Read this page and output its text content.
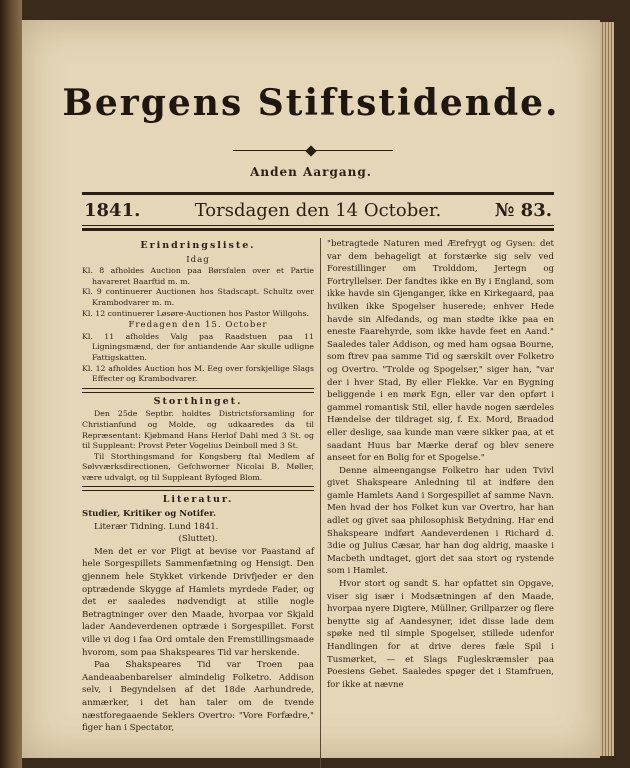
Bergens Stiftstidende.
Anden Aargang.
1841.	Torsdagen den 14 October.	№ 83.
Erindringsliste.
Idag

Kl. 8 afholdes Auction paa Børsfalen over et Partie havareret Baarftid m. m.

Kl. 9 continuerer Auctionen hos Stadscapt. Schultz over Krambodvarer m. m.

Kl. 12 continuerer Løsøre-Auctionen hos Pastor Willgohs.

Fredagen den 15. October

Kl. 11 afholdes Valg paa Raadstuen paa 11 Ligningsmænd, der for antiandende Aar skulle udligne Fattigskatten.

Kl. 12 afholdes Auction hos M. Eeg over forskjellige Slags Effecter og Krambodvarer.

Storthinget.

Den 25de Septbr. holdtes Districtsforsamling for Christianfund og Molde, og udkaaredes da til Repræsentant: Kjøbmand Hans Herlof Dahl med 3 St. og til Suppleant: Provst Peter Vogelius Deinboll med 3 St.

Til Storthingsmand for Kongsberg ftal Medlem af Sølvværksdirectionen, Gefchworner Nicolai B. Møller, være udvalgt, og til Suppleant Byfoged Blom.

Literatur.

Studier, Kritiker og Notifer.

Literær Tidning. Lund 1841.

(Sluttet).

Men det er vor Pligt at bevise vor Paastand af hele Sorgespillets Sammenfætning og Hensigt. Den gjennem hele Stykket virkende Drivfjeder er den optrædende Skygge af Hamlets myrdede Fader, og det er saaledes nødvendigt at stille nogle Betragtninger over den Maade, hvorpaa vor Skjald lader Aandeverdenen optræde i Sorgespillet. Forst ville vi dog i faa Ord omtale den Fremstillingsmaade hvorom, som paa Shakspeares Tid var herskende.

Paa Shakspeares Tid var Troen paa Aandeaabenbarelser almindelig Folketro. Addison selv, i Begyndelsen af det 18de Aarhundrede, anmærker, i det han taler om de tvende næstforegaaende Seklers Overtro: "Vore Forfædre," figer han i Spectator,

"betragtede Naturen med Ærefrygt og Gysen: det var dem behageligt at forstærke sig selv ved Forestillinger om Trolddom, Jertegn og Fortryllelser. Der fandtes ikke en By i England, som ikke havde sin Gjenganger, ikke en Kirkegaard, paa hvilken ikke Spogelser huserede; enhver Hede havde sin Alfedands, og man stødte ikke paa en eneste Faarehyrde, som ikke havde feet en Aand." Saaledes taler Addison, og med ham ogsaa Bourne, som ftrev paa samme Tid og særskilt over Folketro og Overtro. "Trolde og Spogelser," siger han, "var der i hver Stad, By eller Flekke. Var en Bygning beliggende i en mørk Egn, eller var den opført i gammel romantisk Stil, eller havde nogen særdeles Hændelse der tildraget sig, f. Ex. Mord, Braadod eller deslige, saa kunde man være sikker paa, at et saadant Huus bar Mærke deraf og blev senere anseet for en Bolig for et Spogelse."

Denne almeengangse Folketro har uden Tvivl givet Shakspeare Anledning til at indføre den gamle Hamlets Aand i Sorgespillet af samme Navn. Men hvad der hos Folket kun var Overtro, har han adlet og givet saa philosophisk Betydning. Har end Shakspeare indført Aandeverdenen i Richard d. 3die og Julius Cæsar, har han dog aldrig, maaske i Macbeth undtaget, gjort det saa stort og rystende som i Hamlet.

Hvor stort og sandt S. har opfattet sin Opgave, viser sig især i Modsætningen af den Maade, hvorpaa nyere Digtere, Müllner, Grillparzer og flere benytte sig af Aandesyner, idet disse lade dem spøke ned til simple Spogelser, stillede udenfor Handlingen for at drive deres fæle Spil i Tusmørket, — et Slags Fugleskræmsler paa Poesiens Gebet. Saaledes spøger det i Stamfruen, for ikke at nævne
